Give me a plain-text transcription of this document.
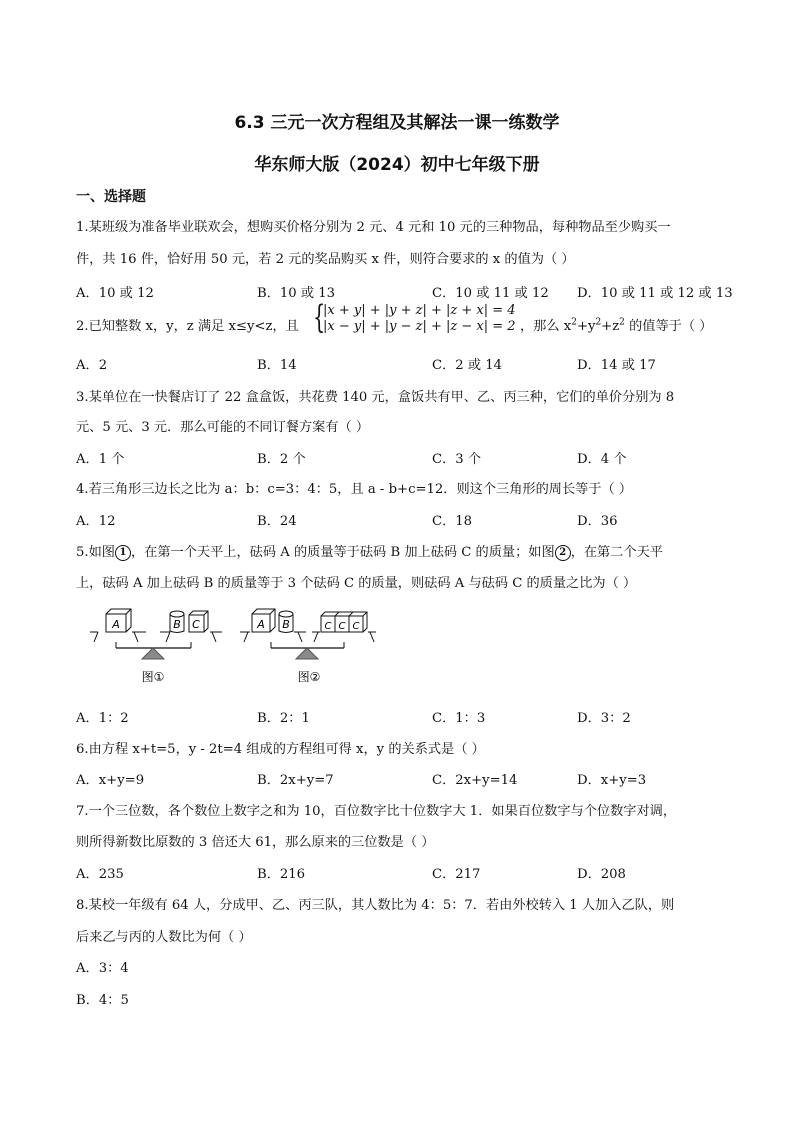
6.3 三元一次方程组及其解法一课一练数学
华东师大版（2024）初中七年级下册
一、选择题
1.某班级为准备毕业联欢会，想购买价格分别为 2 元、4 元和 10 元的三种物品，每种物品至少购买一
件，共 16 件，恰好用 50 元，若 2 元的奖品购买 x 件，则符合要求的 x 的值为（ ）
A．10 或 12	B．10 或 13	C．10 或 11 或 12 D．10 或 11 或 12 或 13
2.已知整数 x，y，z 满足 x≤y<z，且 {
|x + y| + |y + z| + |z + x| = 4
|x − y| + |y − z| + |z − x| = 2 ，那么 $x^2+y^2+z^2$ 的值等于（ ）
A．2	B．14	C．2 或 14	D．14 或 17
3.某单位在一快餐店订了 22 盒盒饭，共花费 140 元，盒饭共有甲、乙、丙三种，它们的单价分别为 8
元、5 元、3 元．那么可能的不同订餐方案有（ ）
A．1 个	B．2 个	C．3 个	D．4 个
4.若三角形三边长之比为 a：b：c=3：4：5，且 a - b+c=12．则这个三角形的周长等于（ ）
A．12	B．24	C．18	D．36
5.如图 1 ，在第一个天平上，砝码 A 的质量等于砝码 B 加上砝码 C 的质量；如图 2 ，在第二个天平
上，砝码 A 加上砝码 B 的质量等于 3 个砝码 C 的质量，则砝码 A 与砝码 C 的质量之比为（ ）
A	B C
图①
A B	C C C
图②
A．1：2	B．2：1	C．1：3	D．3：2
6.由方程 x+t=5，y - 2t=4 组成的方程组可得 x，y 的关系式是（ ）
A．x+y=9	B．2x+y=7	C．2x+y=14	D．x+y=3
7.一个三位数，各个数位上数字之和为 10，百位数字比十位数字大 1．如果百位数字与个位数字对调，
则所得新数比原数的 3 倍还大 61，那么原来的三位数是（ ）
A．235	B．216	C．217	D．208
8.某校一年级有 64 人，分成甲、乙、丙三队，其人数比为 4：5：7．若由外校转入 1 人加入乙队，则
后来乙与丙的人数比为何（ ）
A．3：4
B．4：5
